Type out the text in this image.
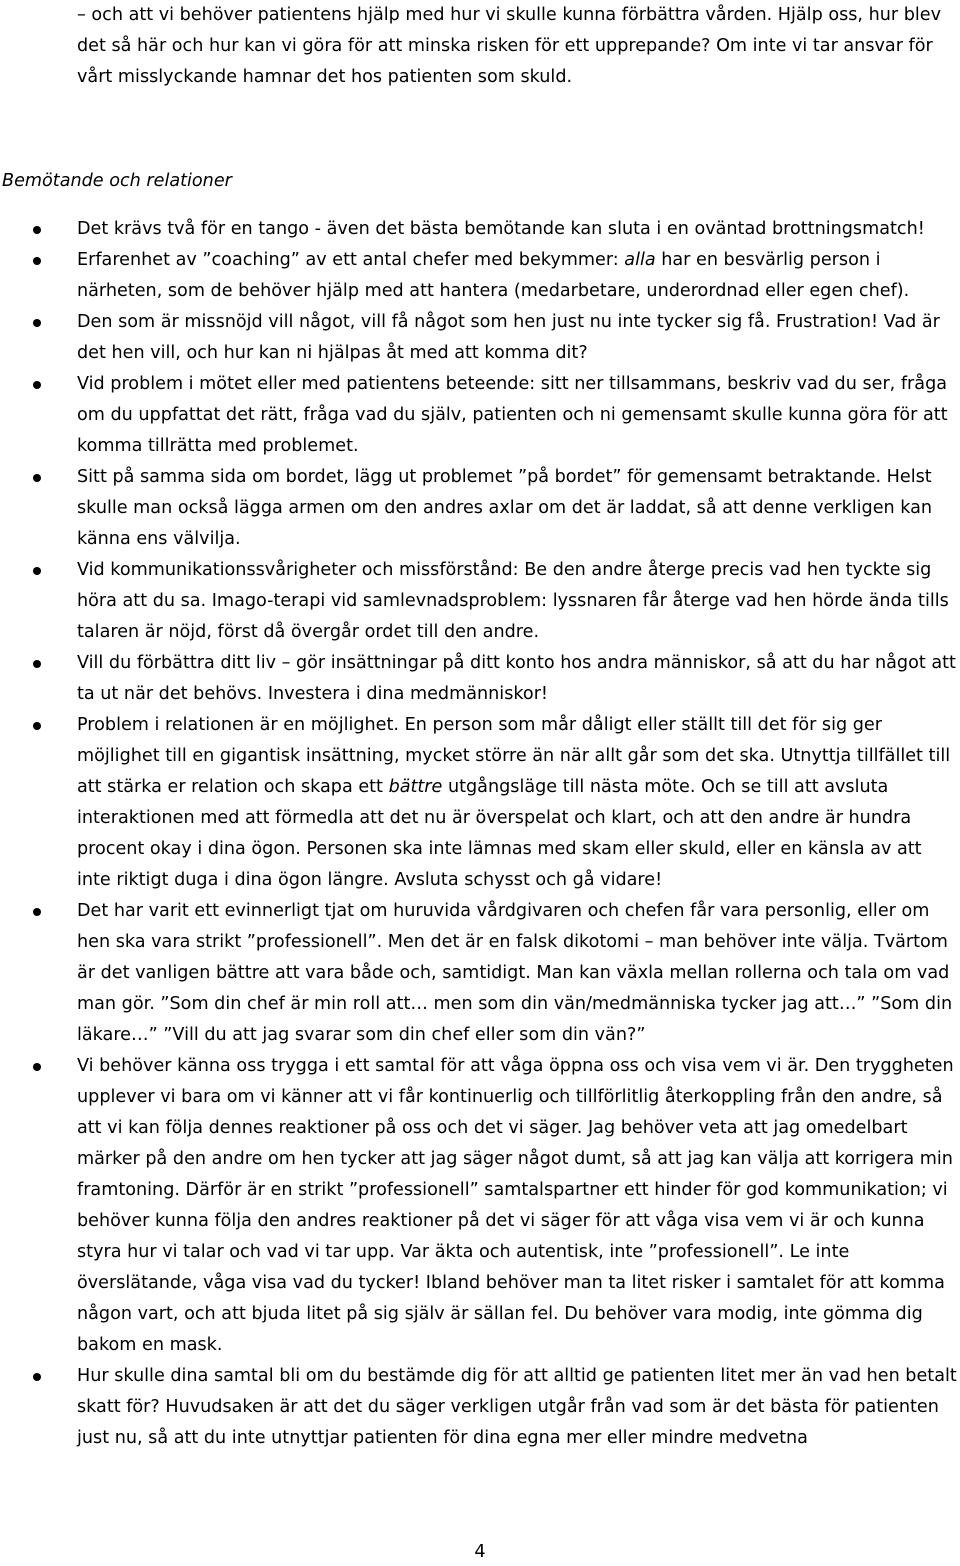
– och att vi behöver patientens hjälp med hur vi skulle kunna förbättra vården. Hjälp oss, hur blev det så här och hur kan vi göra för att minska risken för ett upprepande? Om inte vi tar ansvar för vårt misslyckande hamnar det hos patienten som skuld.

Bemötande och relationer

Det krävs två för en tango - även det bästa bemötande kan sluta i en oväntad brottningsmatch!
Erfarenhet av ”coaching” av ett antal chefer med bekymmer: alla har en besvärlig person i närheten, som de behöver hjälp med att hantera (medarbetare, underordnad eller egen chef).
Den som är missnöjd vill något, vill få något som hen just nu inte tycker sig få. Frustration! Vad är det hen vill, och hur kan ni hjälpas åt med att komma dit?
Vid problem i mötet eller med patientens beteende: sitt ner tillsammans, beskriv vad du ser, fråga om du uppfattat det rätt, fråga vad du själv, patienten och ni gemensamt skulle kunna göra för att komma tillrätta med problemet.
Sitt på samma sida om bordet, lägg ut problemet ”på bordet” för gemensamt betraktande. Helst skulle man också lägga armen om den andres axlar om det är laddat, så att denne verkligen kan känna ens välvilja.
Vid kommunikationssvårigheter och missförstånd: Be den andre återge precis vad hen tyckte sig höra att du sa. Imago-terapi vid samlevnadsproblem: lyssnaren får återge vad hen hörde ända tills talaren är nöjd, först då övergår ordet till den andre.
Vill du förbättra ditt liv – gör insättningar på ditt konto hos andra människor, så att du har något att ta ut när det behövs. Investera i dina medmänniskor!
Problem i relationen är en möjlighet. En person som mår dåligt eller ställt till det för sig ger möjlighet till en gigantisk insättning, mycket större än när allt går som det ska. Utnyttja tillfället till att stärka er relation och skapa ett bättre utgångsläge till nästa möte. Och se till att avsluta interaktionen med att förmedla att det nu är överspelat och klart, och att den andre är hundra procent okay i dina ögon. Personen ska inte lämnas med skam eller skuld, eller en känsla av att inte riktigt duga i dina ögon längre. Avsluta schysst och gå vidare!
Det har varit ett evinnerligt tjat om huruvida vårdgivaren och chefen får vara personlig, eller om hen ska vara strikt ”professionell”. Men det är en falsk dikotomi – man behöver inte välja. Tvärtom är det vanligen bättre att vara både och, samtidigt. Man kan växla mellan rollerna och tala om vad man gör. ”Som din chef är min roll att… men som din vän/medmänniska tycker jag att…” ”Som din läkare…” ”Vill du att jag svarar som din chef eller som din vän?”
Vi behöver känna oss trygga i ett samtal för att våga öppna oss och visa vem vi är. Den tryggheten upplever vi bara om vi känner att vi får kontinuerlig och tillförlitlig återkoppling från den andre, så att vi kan följa dennes reaktioner på oss och det vi säger. Jag behöver veta att jag omedelbart märker på den andre om hen tycker att jag säger något dumt, så att jag kan välja att korrigera min framtoning. Därför är en strikt ”professionell” samtalspartner ett hinder för god kommunikation; vi behöver kunna följa den andres reaktioner på det vi säger för att våga visa vem vi är och kunna styra hur vi talar och vad vi tar upp. Var äkta och autentisk, inte ”professionell”. Le inte överslätande, våga visa vad du tycker! Ibland behöver man ta litet risker i samtalet för att komma någon vart, och att bjuda litet på sig själv är sällan fel. Du behöver vara modig, inte gömma dig bakom en mask.
Hur skulle dina samtal bli om du bestämde dig för att alltid ge patienten litet mer än vad hen betalt skatt för? Huvudsaken är att det du säger verkligen utgår från vad som är det bästa för patienten just nu, så att du inte utnyttjar patienten för dina egna mer eller mindre medvetna
4
